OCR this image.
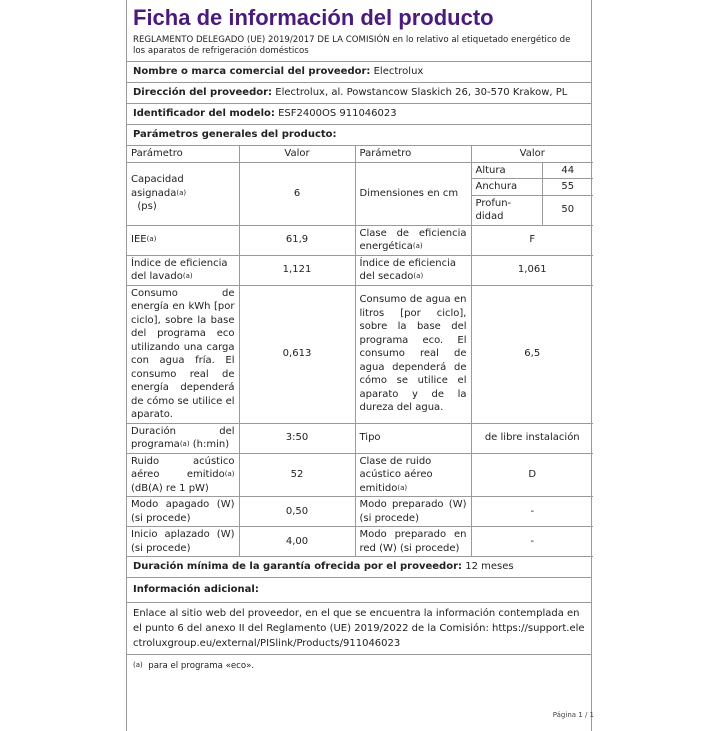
Ficha de información del producto
REGLAMENTO DELEGADO (UE) 2019/2017 DE LA COMISIÓN en lo relativo al etiquetado energético de los aparatos de refrigeración domésticos
Nombre o marca comercial del proveedor: Electrolux
Dirección del proveedor: Electrolux, al. Powstancow Slaskich 26, 30-570 Krakow, PL
Identificador del modelo: ESF2400OS 911046023
Parámetros generales del producto:
Parámetro	Valor	Parámetro	Valor
Capacidad asignada$^{(a)}$
(ps)	6	Dimensiones en cm	
Altura	44
Anchura	55
Profun-
didad	50

IEE$^{(a)}$	61,9	Clase de eficiencia energética$^{(a)}$	F
Índice de eficiencia del lavado$^{(a)}$	1,121	Índice de eficiencia del secado$^{(a)}$	1,061
Consumo de energía en kWh [por ciclo], sobre la base del programa eco utilizando una carga con agua fría. El consumo real de energía dependerá de cómo se utilice el aparato.	0,613	Consumo de agua en litros [por ciclo], sobre la base del programa eco. El consumo real de agua dependerá de cómo se utilice el aparato y de la dureza del agua.	6,5
Duración del programa$^{(a)}$ (h:min)	3:50	Tipo	de libre instalación
Ruido acústico aéreo emitido$^{(a)}$ (dB(A) re 1 pW)	52	Clase de ruido acústico aéreo emitido$^{(a)}$	D
Modo apagado (W) (si procede)	0,50	Modo preparado (W) (si procede)	-
Inicio aplazado (W) (si procede)	4,00	Modo preparado en red (W) (si procede)	-
Duración mínima de la garantía ofrecida por el proveedor: 12 meses
Información adicional:
Enlace al sitio web del proveedor, en el que se encuentra la información contemplada en el punto 6 del anexo II del Reglamento (UE) 2019/2022 de la Comisión: https://support.electroluxgroup.eu/external/PISlink/Products/911046023
$^{(a)}$ para el programa «eco».
Página 1 / 1
